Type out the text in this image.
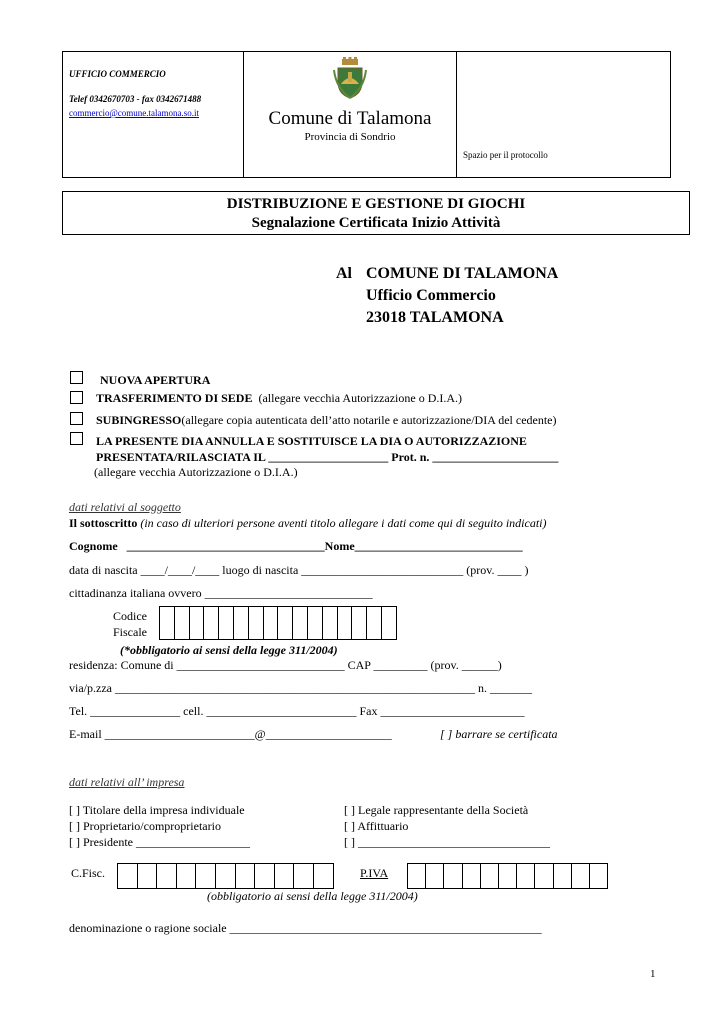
UFFICIO COMMERCIO
Telef 0342670703 - fax 0342671488
commercio@comune.talamona.so.it	Comune di Talamona
Provincia di Sondrio
Spazio per il protocollo
DISTRIBUZIONE E GESTIONE DI GIOCHI
Segnalazione Certificata Inizio Attività
Al COMUNE DI TALAMONA
Ufficio Commercio
23018 TALAMONA
NUOVA APERTURA
TRASFERIMENTO DI SEDE (allegare vecchia Autorizzazione o D.I.A.)
SUBINGRESSO(allegare copia autenticata dell’atto notarile e autorizzazione/DIA del cedente)
LA PRESENTE DIA ANNULLA E SOSTITUISCE LA DIA O AUTORIZZAZIONE
PRESENTATA/RILASCIATA IL ____________________ Prot. n. _____________________
(allegare vecchia Autorizzazione o D.I.A.)
dati relativi al soggetto
Il sottoscritto (in caso di ulteriori persone aventi titolo allegare i dati come qui di seguito indicati)
Cognome _________________________________Nome____________________________
data di nascita ____/____/____ luogo di nascita ___________________________ (prov. ____ )
cittadinanza italiana ovvero ____________________________
Codice
Fiscale
(*obbligatorio ai sensi della legge 311/2004)
residenza: Comune di ____________________________ CAP _________ (prov. ______)
via/p.zza ____________________________________________________________ n. _______
Tel. _______________ cell. _________________________ Fax ________________________
E-mail _________________________@_____________________	[ ] barrare se certificata
dati relativi all’ impresa
[ ] Titolare della impresa individuale
[ ] Proprietario/comproprietario
[ ] Presidente ___________________
[ ] Legale rappresentante della Società
[ ] Affittuario
[ ] ________________________________
C.Fisc.	P.IVA
(obbligatorio ai sensi della legge 311/2004)
denominazione o ragione sociale ____________________________________________________
1
